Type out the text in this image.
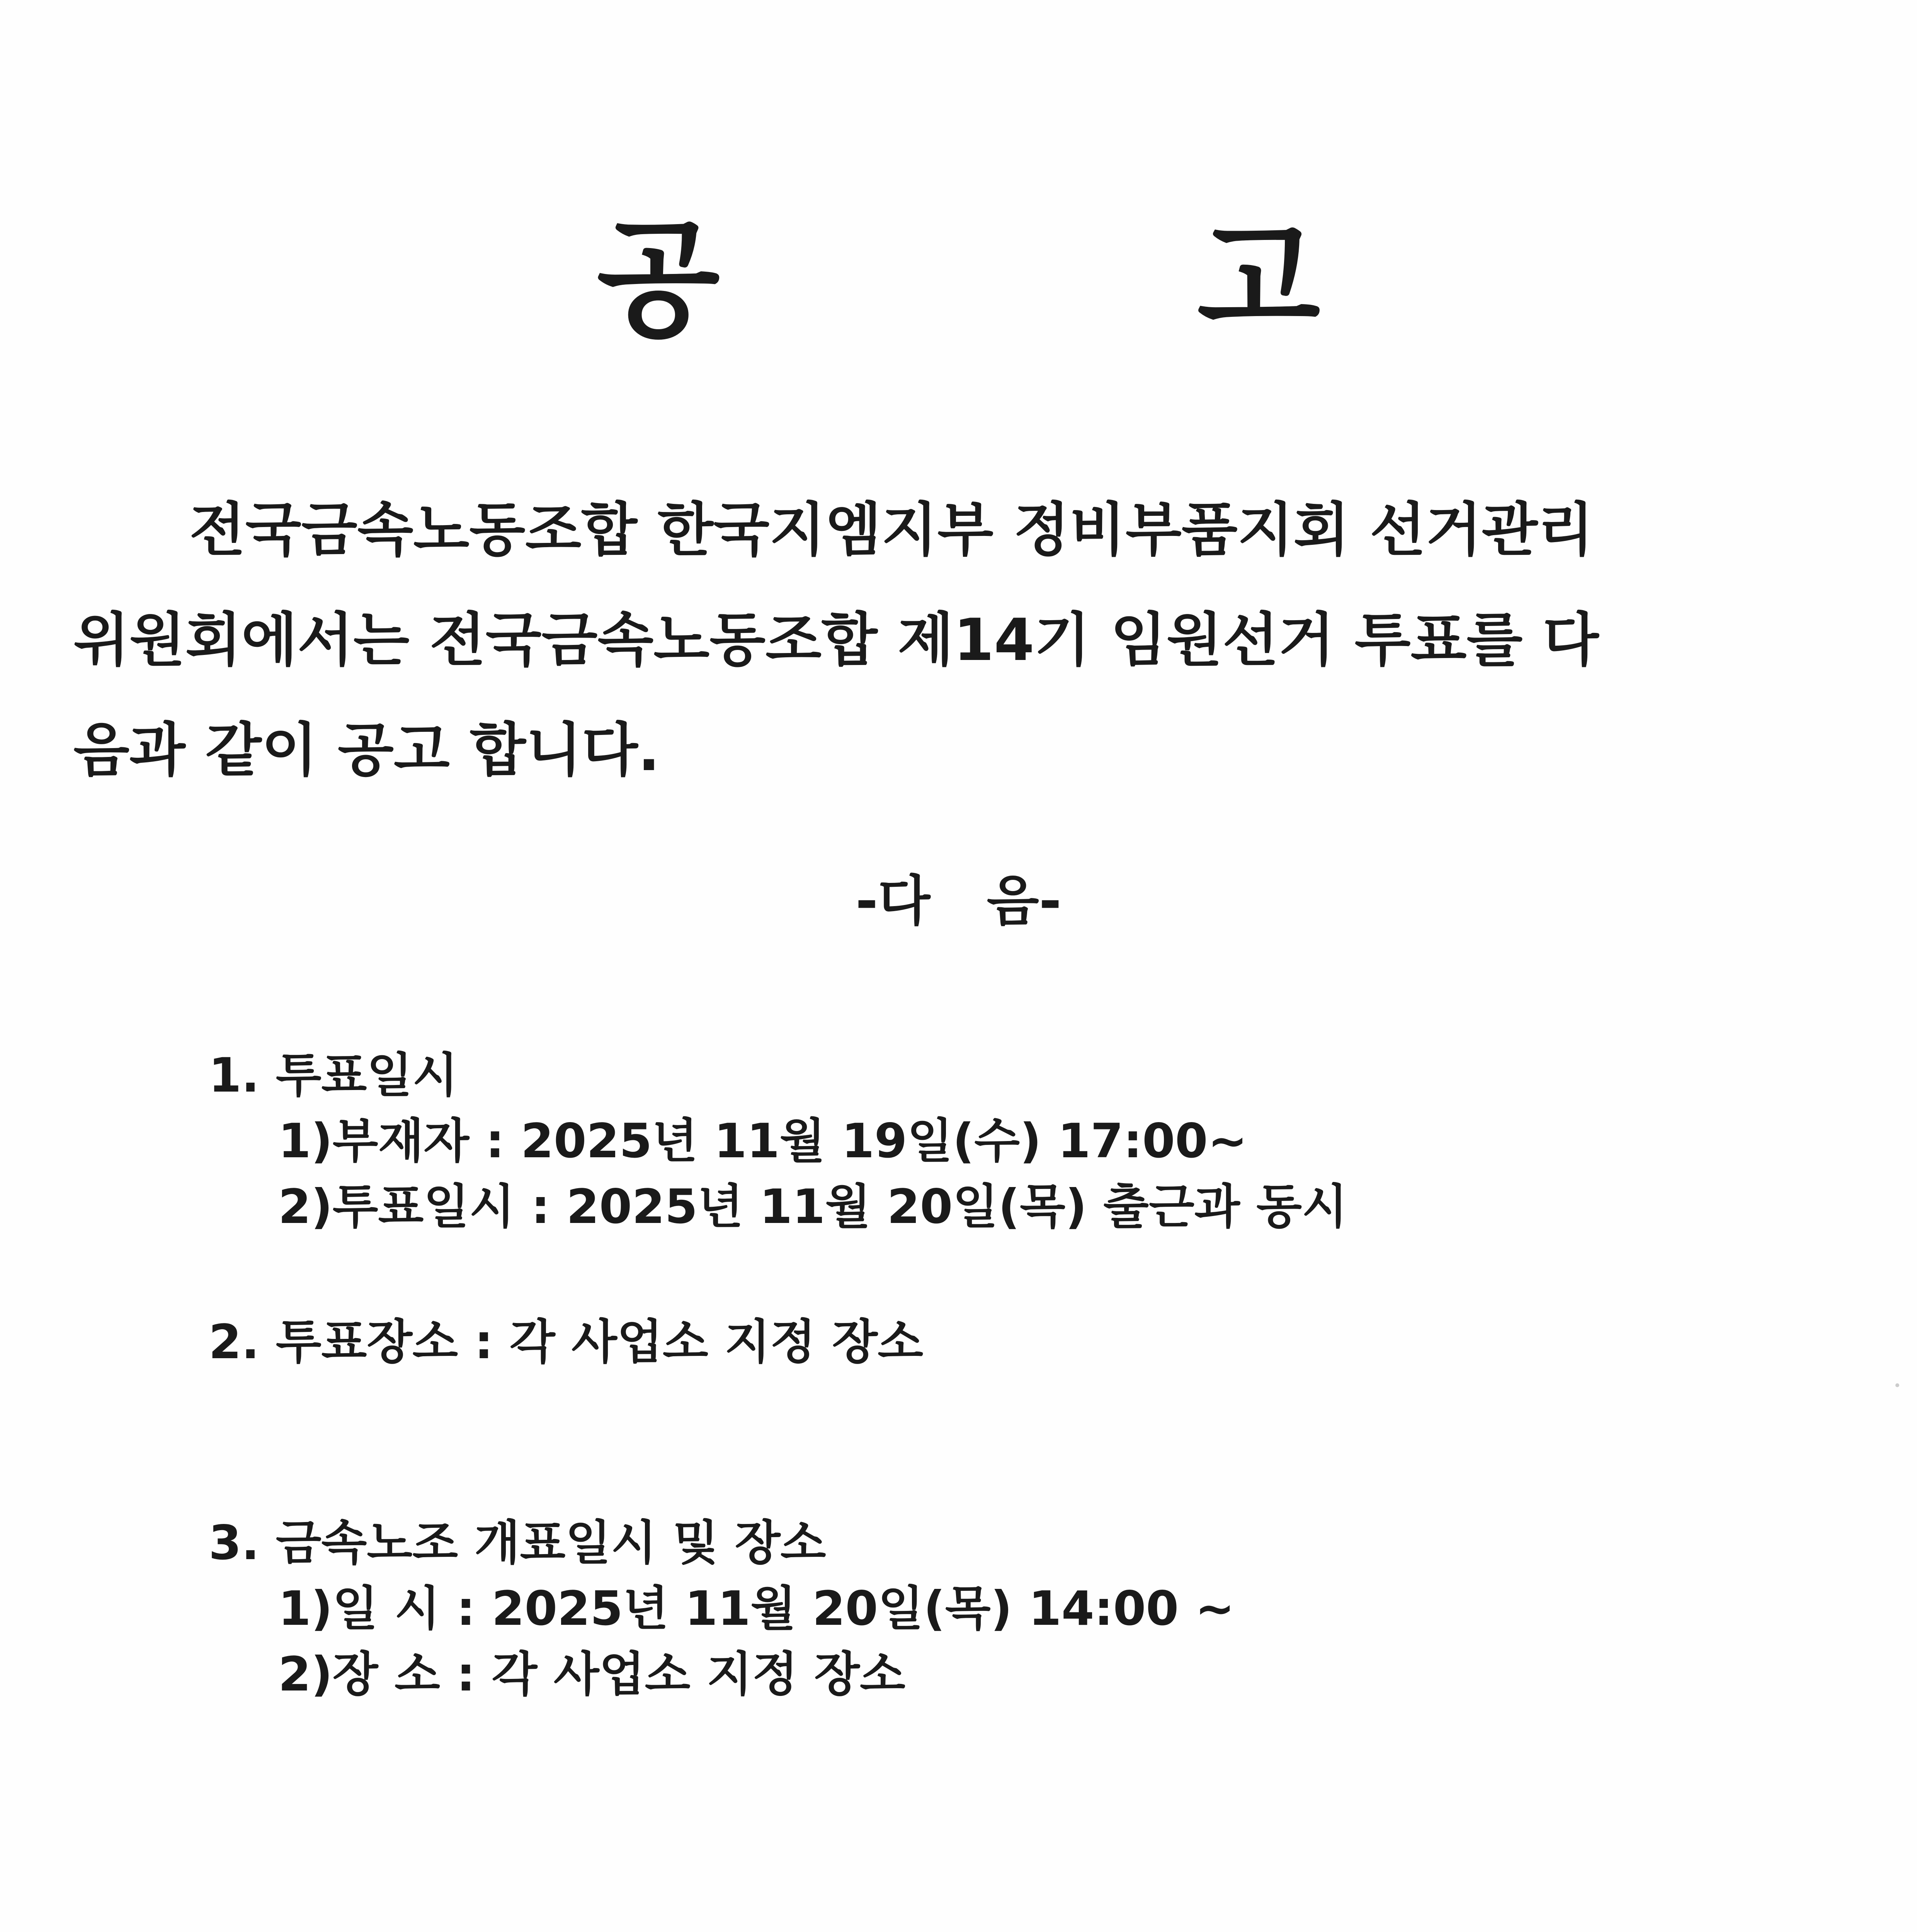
공 고
전국금속노동조합 한국지엠지부 정비부품지회 선거관리
위원회에서는 전국금속노동조합 제14기 임원선거 투표를 다
음과 같이 공고 합니다.
-다   음-
1. 투표일시
1)부재자 : 2025년 11월 19일(수) 17:00~
2)투표일시 : 2025년 11월 20일(목) 출근과 동시
2. 투표장소 : 각 사업소 지정 장소
3. 금속노조 개표일시 및 장소
1)일 시 : 2025년 11월 20일(목) 14:00 ~
2)장 소 : 각 사업소 지정 장소
